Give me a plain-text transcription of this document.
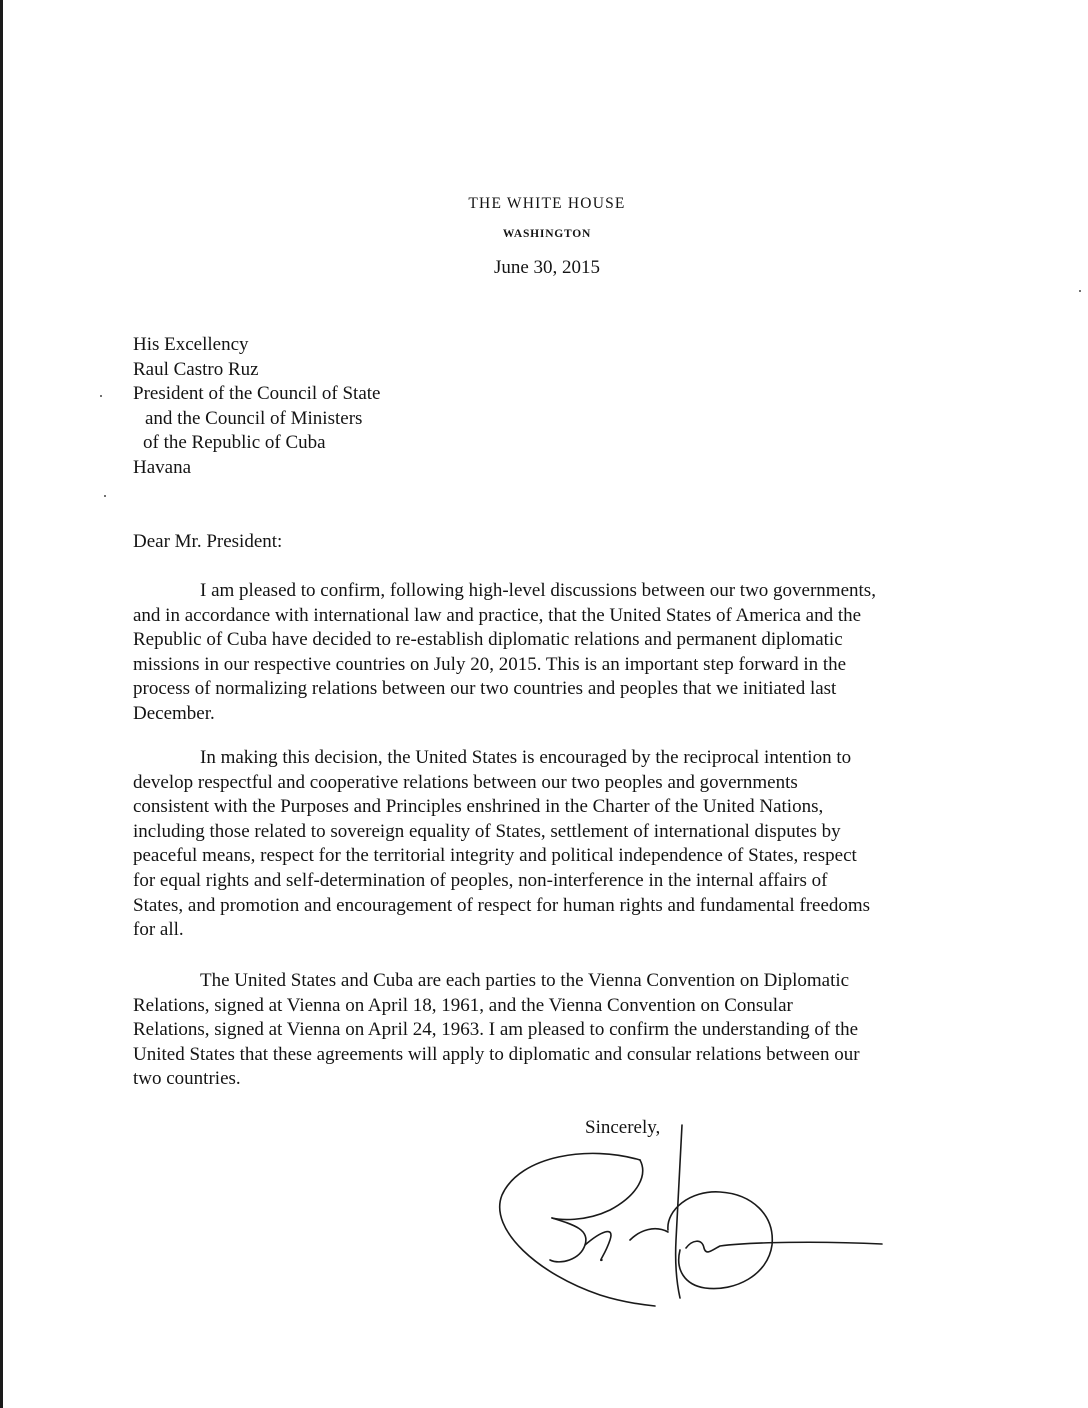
THE WHITE HOUSE
WASHINGTON
June 30, 2015
His Excellency
Raul Castro Ruz
President of the Council of State
and the Council of Ministers
of the Republic of Cuba
Havana
Dear Mr. President:
I am pleased to confirm, following high-level discussions between our two governments,
and in accordance with international law and practice, that the United States of America and the
Republic of Cuba have decided to re-establish diplomatic relations and permanent diplomatic
missions in our respective countries on July 20, 2015. This is an important step forward in the
process of normalizing relations between our two countries and peoples that we initiated last
December.
In making this decision, the United States is encouraged by the reciprocal intention to
develop respectful and cooperative relations between our two peoples and governments
consistent with the Purposes and Principles enshrined in the Charter of the United Nations,
including those related to sovereign equality of States, settlement of international disputes by
peaceful means, respect for the territorial integrity and political independence of States, respect
for equal rights and self-determination of peoples, non-interference in the internal affairs of
States, and promotion and encouragement of respect for human rights and fundamental freedoms
for all.
The United States and Cuba are each parties to the Vienna Convention on Diplomatic
Relations, signed at Vienna on April 18, 1961, and the Vienna Convention on Consular
Relations, signed at Vienna on April 24, 1963. I am pleased to confirm the understanding of the
United States that these agreements will apply to diplomatic and consular relations between our
two countries.
Sincerely,
